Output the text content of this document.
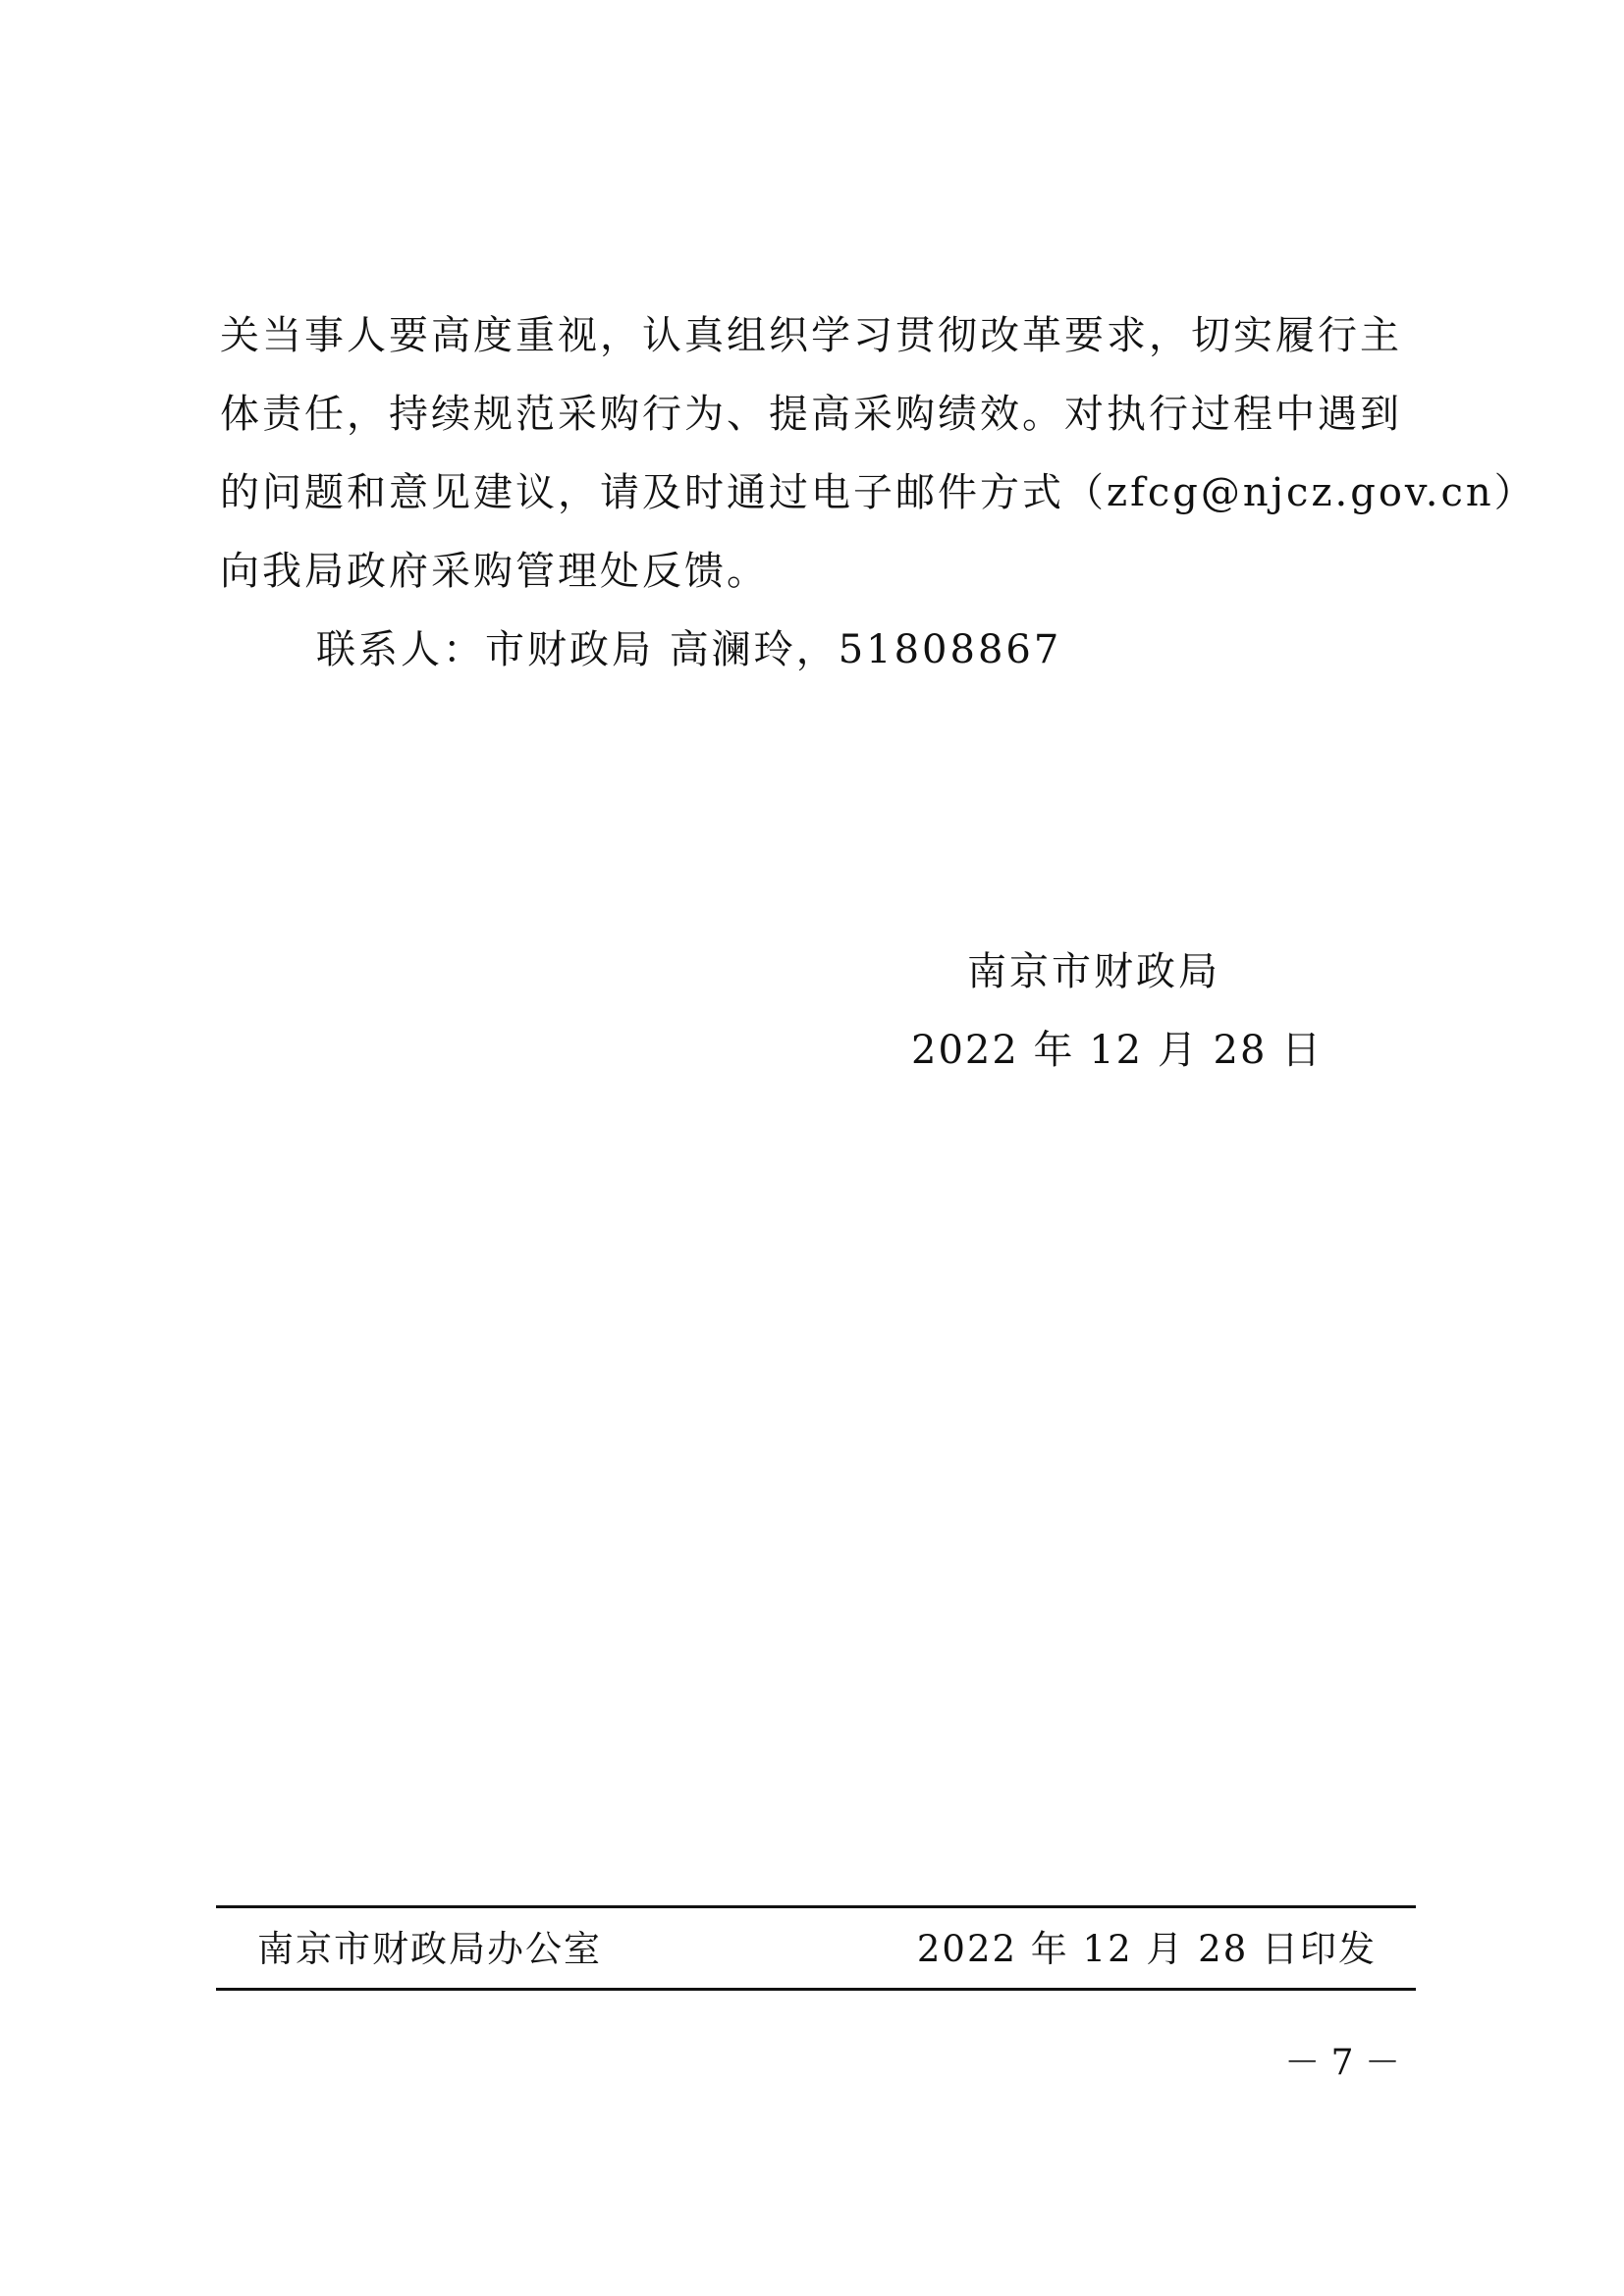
关当事人要高度重视，认真组织学习贯彻改革要求，切实履行主
体责任，持续规范采购行为、提高采购绩效。对执行过程中遇到
的问题和意见建议，请及时通过电子邮件方式（zfcg@njcz.gov.cn）
向我局政府采购管理处反馈。
联系人：市财政局 高澜玲，51808867
南京市财政局
2022 年 12 月 28 日
南京市财政局办公室	2022 年 12 月 28 日印发
－ 7 －
